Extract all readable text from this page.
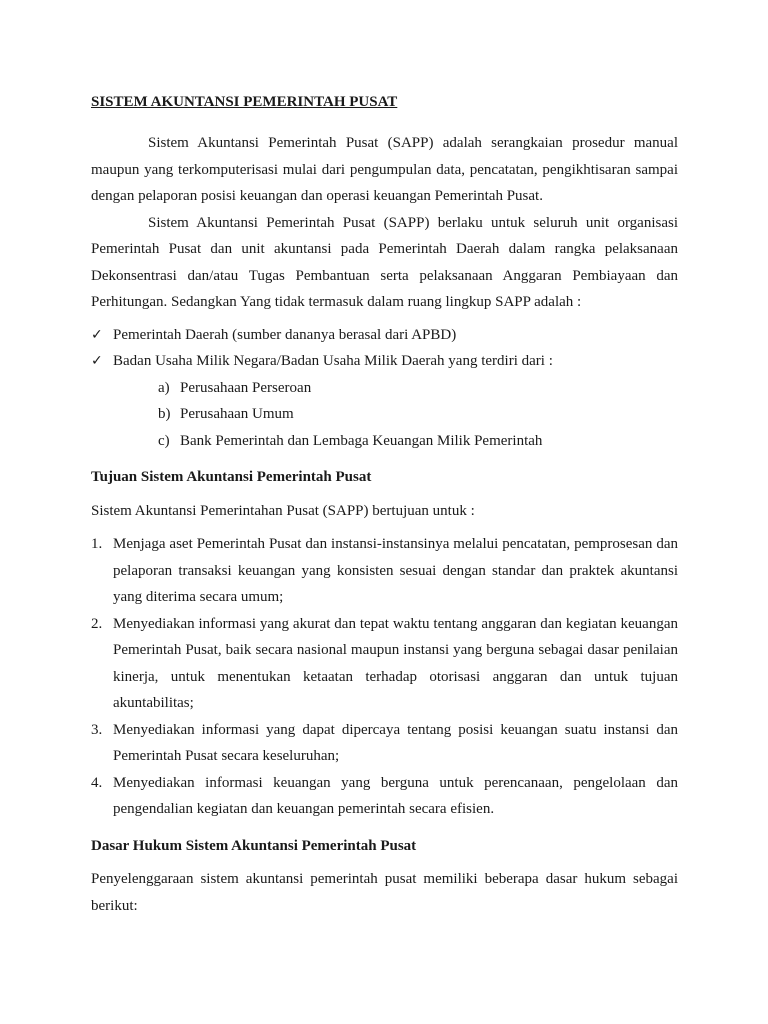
SISTEM AKUNTANSI PEMERINTAH PUSAT

Sistem Akuntansi Pemerintah Pusat (SAPP) adalah serangkaian prosedur manual maupun yang terkomputerisasi mulai dari pengumpulan data, pencatatan, pengikhtisaran sampai dengan pelaporan posisi keuangan dan operasi keuangan Pemerintah Pusat.

Sistem Akuntansi Pemerintah Pusat (SAPP) berlaku untuk seluruh unit organisasi Pemerintah Pusat dan unit akuntansi pada Pemerintah Daerah dalam rangka pelaksanaan Dekonsentrasi dan/atau Tugas Pembantuan serta pelaksanaan Anggaran Pembiayaan dan Perhitungan. Sedangkan Yang tidak termasuk dalam ruang lingkup SAPP adalah :

✓ Pemerintah Daerah (sumber dananya berasal dari APBD)
✓ Badan Usaha Milik Negara/Badan Usaha Milik Daerah yang terdiri dari :
a) Perusahaan Perseroan
b) Perusahaan Umum
c) Bank Pemerintah dan Lembaga Keuangan Milik Pemerintah
Tujuan Sistem Akuntansi Pemerintah Pusat

Sistem Akuntansi Pemerintahan Pusat (SAPP) bertujuan untuk :

1. Menjaga aset Pemerintah Pusat dan instansi-instansinya melalui pencatatan, pemprosesan dan pelaporan transaksi keuangan yang konsisten sesuai dengan standar dan praktek akuntansi yang diterima secara umum;
2. Menyediakan informasi yang akurat dan tepat waktu tentang anggaran dan kegiatan keuangan Pemerintah Pusat, baik secara nasional maupun instansi yang berguna sebagai dasar penilaian kinerja, untuk menentukan ketaatan terhadap otorisasi anggaran dan untuk tujuan akuntabilitas;
3. Menyediakan informasi yang dapat dipercaya tentang posisi keuangan suatu instansi dan Pemerintah Pusat secara keseluruhan;
4. Menyediakan informasi keuangan yang berguna untuk perencanaan, pengelolaan dan pengendalian kegiatan dan keuangan pemerintah secara efisien.
Dasar Hukum Sistem Akuntansi Pemerintah Pusat

Penyelenggaraan sistem akuntansi pemerintah pusat memiliki beberapa dasar hukum sebagai berikut:
